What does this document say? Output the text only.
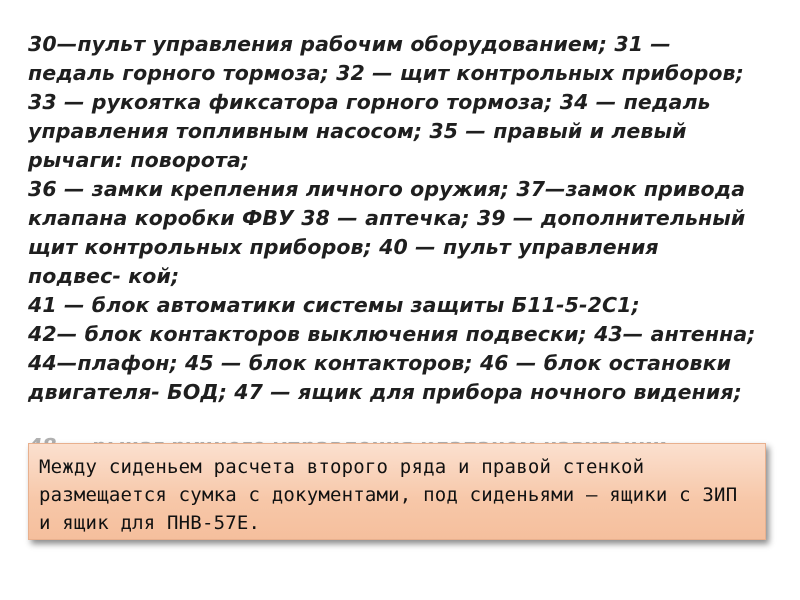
30—пульт управления рабочим оборудованием; 31 — педаль горного тормоза; 32 — щит контрольных приборов; 33 — рукоятка фиксатора горного тормоза; 34 — педаль управления топливным насосом; 35 — правый и левый рычаги: поворота;

36 — замки крепления личного оружия; 37—замок привода клапана коробки ФВУ 38 — аптечка; 39 — дополнительный щит контрольных приборов; 40 — пульт управления подвес- кой;

41 — блок автоматики системы защиты Б11-5-2С1;

42— блок контакторов выключения подвески; 43— антенна;

44—плафон; 45 — блок контакторов; 46 — блок остановки двигателя- БОД; 47 — ящик для прибора ночного видения;

Между сиденьем расчета второго ряда и правой стенкой размещается сумка с документами, под сиденьями — ящики с ЗИП и ящик для ПНВ-57Е.
